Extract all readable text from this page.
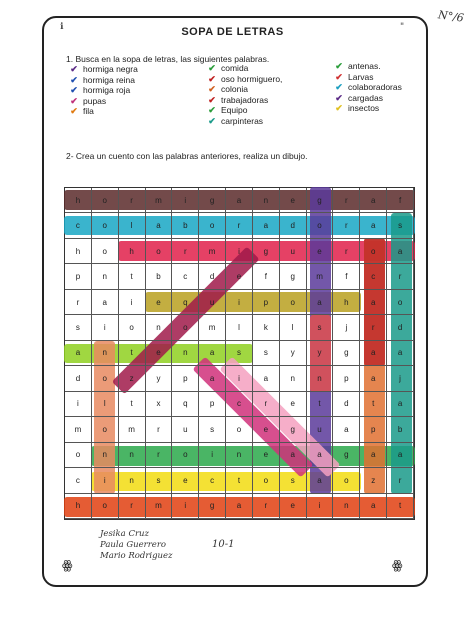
N°/6
ℹ	"
SOPA DE LETRAS
1. Busca en la sopa de letras, las siguientes palabras.
✔ hormiga negra
✔ hormiga reina
✔ hormiga roja
✔ pupas
✔ fila
✔ comida
✔ oso hormiguero,
✔ colonia
✔ trabajadoras
✔ Equipo
✔ carpinteras
✔ antenas.
✔ Larvas
✔ colaboradoras
✔ cargadas
✔ insectos
2- Crea un cuento con las palabras anteriores, realiza un dibujo.
h	o	r	m	i	g	a	n	e	g	r	a	f
c	o	l	a	b	o	r	a	d	o	r	a	s
h	o	h	o	r	m	i	g	u	e	r	o	a
p	n	t	b	c	d	e	f	g	m	f	c	r
r	a	i	e	q	u	i	p	o	a	h	a	o
s	i	o	n	o	m	l	k	l	s	j	r	d
a	n	t	e	n	a	s	s	y	y	g	a	a
d	o	z	y	p	a	i	a	n	n	p	a	j
i	l	t	x	q	p	c	r	e	t	d	t	a
m	o	m	r	u	s	o	e	g	u	a	p	b
o	n	n	r	o	i	n	e	a	a	g	a	a
c	i	n	s	e	c	t	o	s	a	o	z	r
h	o	r	m	i	g	a	r	e	i	n	a	t
Jesika Cruz
Paula Guerrero
Mario Rodriguez
10-1
ꙮ	ꙮ
